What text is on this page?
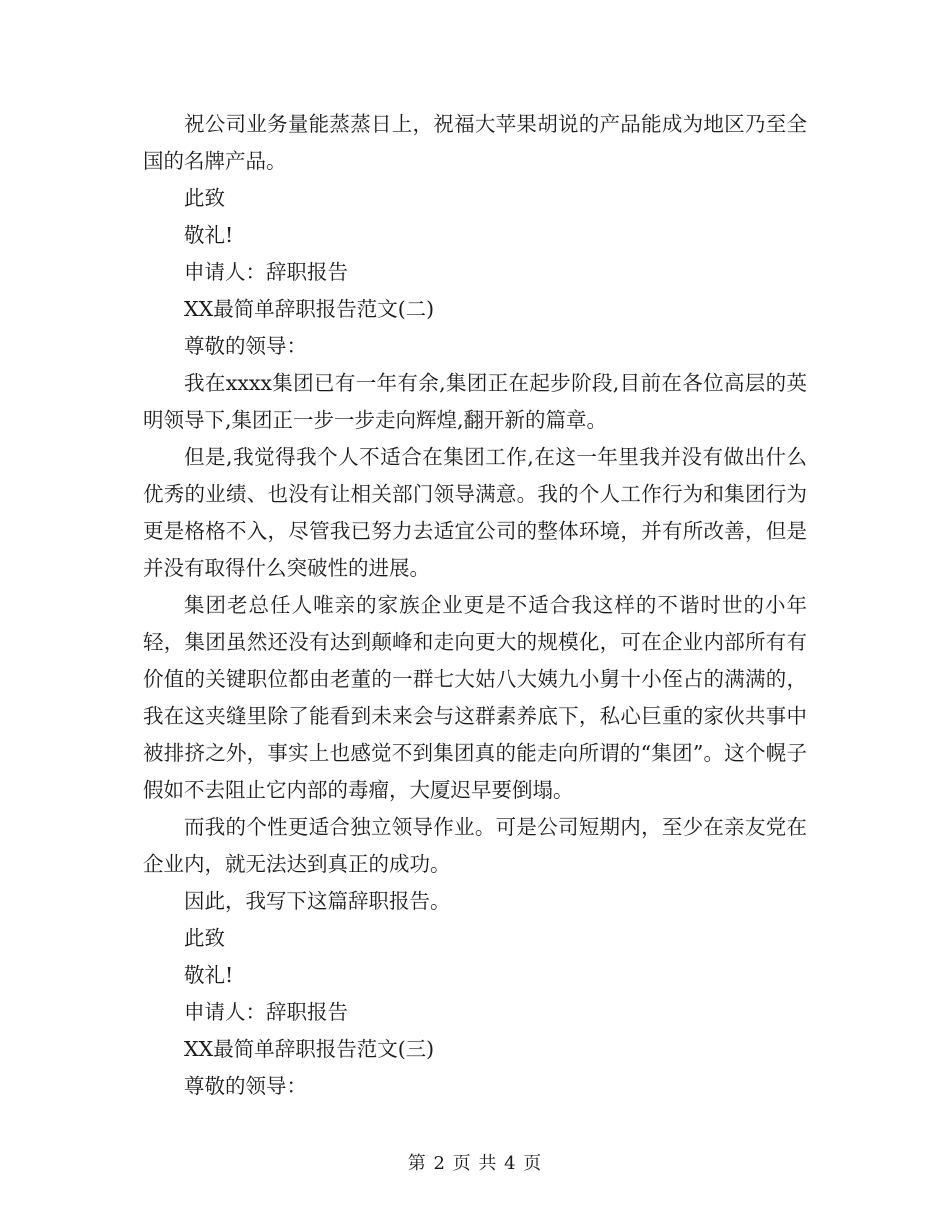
祝公司业务量能蒸蒸日上，祝福大苹果胡说的产品能成为地区乃至全国的名牌产品。

此致

敬礼!

申请人：辞职报告

XX最简单辞职报告范文(二)

尊敬的领导：

我在xxxx集团已有一年有余,集团正在起步阶段,目前在各位高层的英明领导下,集团正一步一步走向辉煌,翻开新的篇章。

但是,我觉得我个人不适合在集团工作,在这一年里我并没有做出什么优秀的业绩、也没有让相关部门领导满意。我的个人工作行为和集团行为更是格格不入，尽管我已努力去适宜公司的整体环境，并有所改善，但是并没有取得什么突破性的进展。

集团老总任人唯亲的家族企业更是不适合我这样的不谐时世的小年轻，集团虽然还没有达到颠峰和走向更大的规模化，可在企业内部所有有价值的关键职位都由老董的一群七大姑八大姨九小舅十小侄占的满满的，我在这夹缝里除了能看到未来会与这群素养底下，私心巨重的家伙共事中被排挤之外，事实上也感觉不到集团真的能走向所谓的“集团”。这个幌子假如不去阻止它内部的毒瘤，大厦迟早要倒塌。

而我的个性更适合独立领导作业。可是公司短期内，至少在亲友党在企业内，就无法达到真正的成功。

因此，我写下这篇辞职报告。

此致

敬礼!

申请人：辞职报告

XX最简单辞职报告范文(三)

尊敬的领导：

第 2 页 共 4 页
